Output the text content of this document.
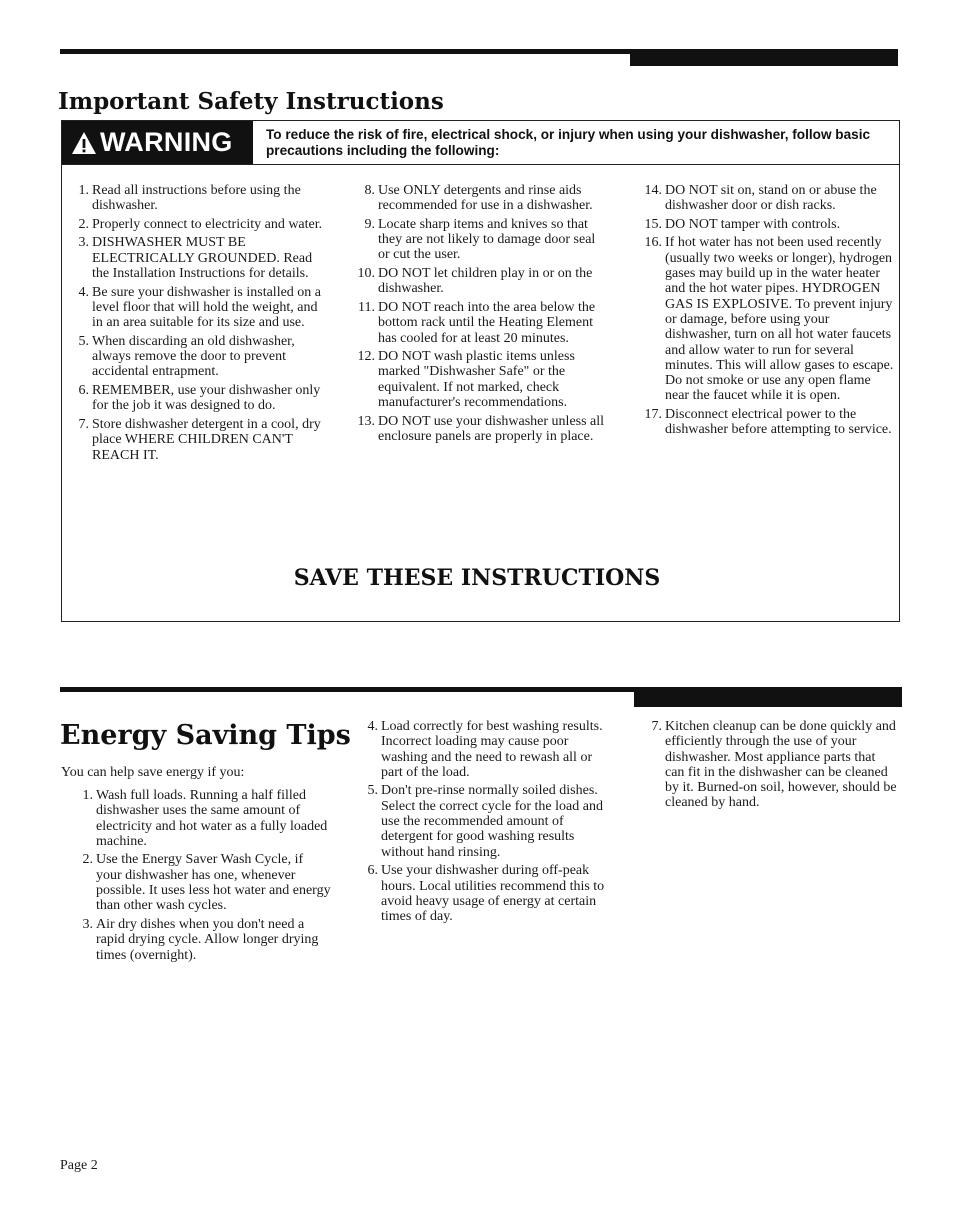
Important Safety Instructions
WARNING To reduce the risk of fire, electrical shock, or injury when using your dishwasher, follow basic precautions including the following:
1. Read all instructions before using the dishwasher.
2. Properly connect to electricity and water.
3. DISHWASHER MUST BE ELECTRICALLY GROUNDED. Read the Installation Instructions for details.
4. Be sure your dishwasher is installed on a level floor that will hold the weight, and in an area suitable for its size and use.
5. When discarding an old dishwasher, always remove the door to prevent accidental entrapment.
6. REMEMBER, use your dishwasher only for the job it was designed to do.
7. Store dishwasher detergent in a cool, dry place WHERE CHILDREN CAN'T REACH IT.
8. Use ONLY detergents and rinse aids recommended for use in a dishwasher.
9. Locate sharp items and knives so that they are not likely to damage door seal or cut the user.
10. DO NOT let children play in or on the dishwasher.
11. DO NOT reach into the area below the bottom rack until the Heating Element has cooled for at least 20 minutes.
12. DO NOT wash plastic items unless marked "Dishwasher Safe" or the equivalent. If not marked, check manufacturer's recommendations.
13. DO NOT use your dishwasher unless all enclosure panels are properly in place.
14. DO NOT sit on, stand on or abuse the dishwasher door or dish racks.
15. DO NOT tamper with controls.
16. If hot water has not been used recently (usually two weeks or longer), hydrogen gases may build up in the water heater and the hot water pipes. HYDROGEN GAS IS EXPLOSIVE. To prevent injury or damage, before using your dishwasher, turn on all hot water faucets and allow water to run for several minutes. This will allow gases to escape. Do not smoke or use any open flame near the faucet while it is open.
17. Disconnect electrical power to the dishwasher before attempting to service.
SAVE THESE INSTRUCTIONS
Energy Saving Tips
You can help save energy if you:
1. Wash full loads. Running a half filled dishwasher uses the same amount of electricity and hot water as a fully loaded machine.
2. Use the Energy Saver Wash Cycle, if your dishwasher has one, whenever possible. It uses less hot water and energy than other wash cycles.
3. Air dry dishes when you don't need a rapid drying cycle. Allow longer drying times (overnight).
4. Load correctly for best washing results. Incorrect loading may cause poor washing and the need to rewash all or part of the load.
5. Don't pre-rinse normally soiled dishes. Select the correct cycle for the load and use the recommended amount of detergent for good washing results without hand rinsing.
6. Use your dishwasher during off-peak hours. Local utilities recommend this to avoid heavy usage of energy at certain times of day.
7. Kitchen cleanup can be done quickly and efficiently through the use of your dishwasher. Most appliance parts that can fit in the dishwasher can be cleaned by it. Burned-on soil, however, should be cleaned by hand.
Page 2
